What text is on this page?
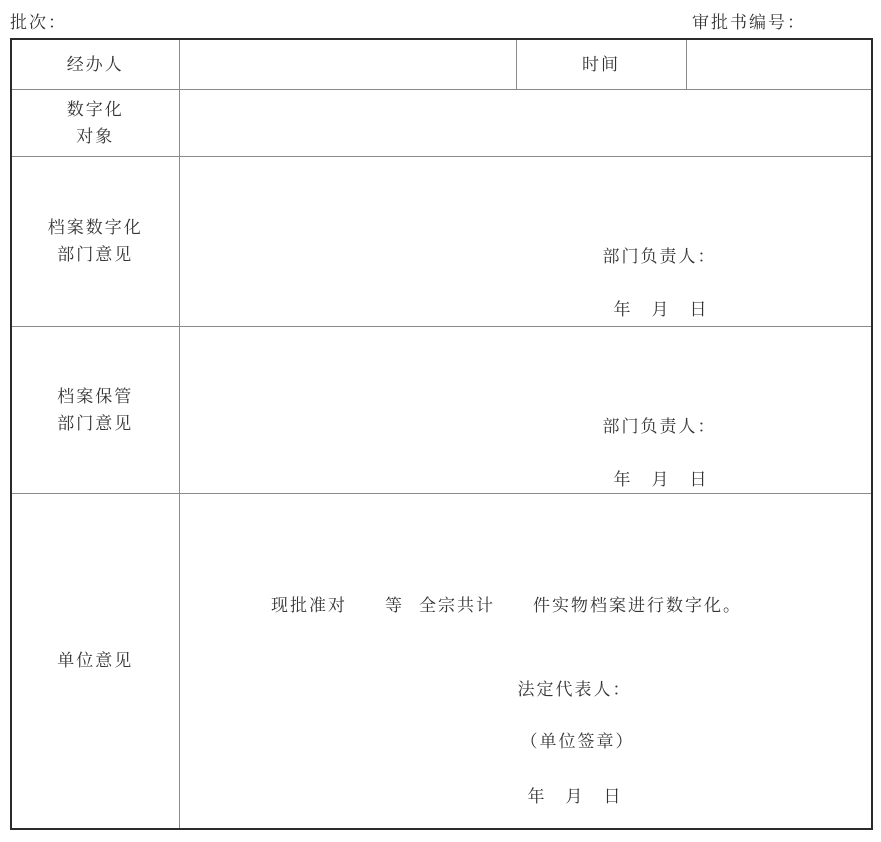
批次：	审批书编号：
经办人		时间	

数字化
对象			

档案数字化
部门意见	部门负责人：
年　月　日

档案保管
部门意见	部门负责人：
年　月　日

单位意见	现批准对 等 全宗共计 件实物档案进行数字化。

法定代表人：
（单位签章）
年　月　日		
